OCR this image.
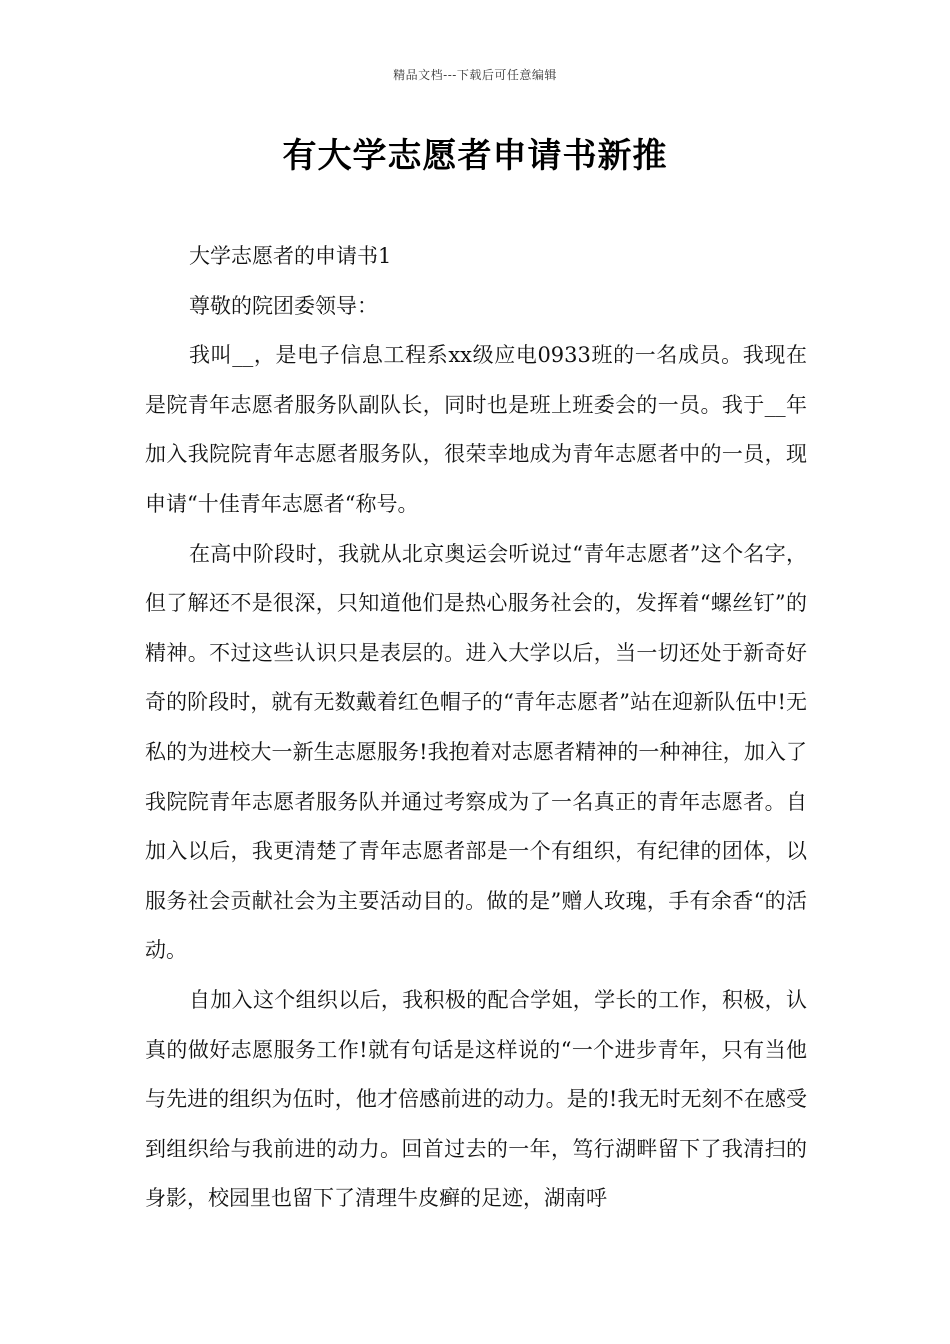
精品文档---下载后可任意编辑
有大学志愿者申请书新推

大学志愿者的申请书1

尊敬的院团委领导：

我叫__，是电子信息工程系xx级应电0933班的一名成员。我现在是院青年志愿者服务队副队长，同时也是班上班委会的一员。我于__年加入我院院青年志愿者服务队，很荣幸地成为青年志愿者中的一员，现申请“十佳青年志愿者“称号。

在高中阶段时，我就从北京奥运会听说过“青年志愿者”这个名字，但了解还不是很深，只知道他们是热心服务社会的，发挥着“螺丝钉”的精神。不过这些认识只是表层的。进入大学以后，当一切还处于新奇好奇的阶段时，就有无数戴着红色帽子的“青年志愿者”站在迎新队伍中!无私的为进校大一新生志愿服务!我抱着对志愿者精神的一种神往，加入了我院院青年志愿者服务队并通过考察成为了一名真正的青年志愿者。自加入以后，我更清楚了青年志愿者部是一个有组织，有纪律的团体，以服务社会贡献社会为主要活动目的。做的是”赠人玫瑰，手有余香“的活动。

自加入这个组织以后，我积极的配合学姐，学长的工作，积极，认真的做好志愿服务工作!就有句话是这样说的“一个进步青年，只有当他与先进的组织为伍时，他才倍感前进的动力。是的!我无时无刻不在感受到组织给与我前进的动力。回首过去的一年，笃行湖畔留下了我清扫的身影，校园里也留下了清理牛皮癣的足迹，湖南呼
